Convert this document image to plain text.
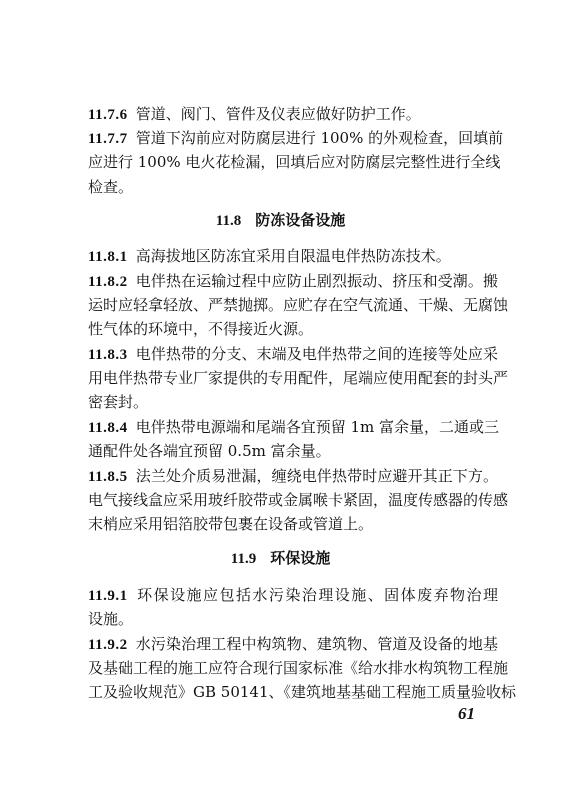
11.7.6 管道、阀门、管件及仪表应做好防护工作。
11.7.7 管道下沟前应对防腐层进行 100% 的外观检查，回填前
应进行 100% 电火花检漏，回填后应对防腐层完整性进行全线
检查。
11.8 防冻设备设施
11.8.1 高海拔地区防冻宜采用自限温电伴热防冻技术。
11.8.2 电伴热在运输过程中应防止剧烈振动、挤压和受潮。搬
运时应轻拿轻放、严禁抛掷。应贮存在空气流通、干燥、无腐蚀
性气体的环境中，不得接近火源。
11.8.3 电伴热带的分支、末端及电伴热带之间的连接等处应采
用电伴热带专业厂家提供的专用配件，尾端应使用配套的封头严
密套封。
11.8.4 电伴热带电源端和尾端各宜预留 1m 富余量，二通或三
通配件处各端宜预留 0.5m 富余量。
11.8.5 法兰处介质易泄漏，缠绕电伴热带时应避开其正下方。
电气接线盒应采用玻纤胶带或金属喉卡紧固，温度传感器的传感
末梢应采用铝箔胶带包裹在设备或管道上。
11.9 环保设施
11.9.1 环保设施应包括水污染治理设施、固体废弃物治理
设施。
11.9.2 水污染治理工程中构筑物、建筑物、管道及设备的地基
及基础工程的施工应符合现行国家标准《给水排水构筑物工程施
工及验收规范》GB 50141、《建筑地基基础工程施工质量验收标
61
